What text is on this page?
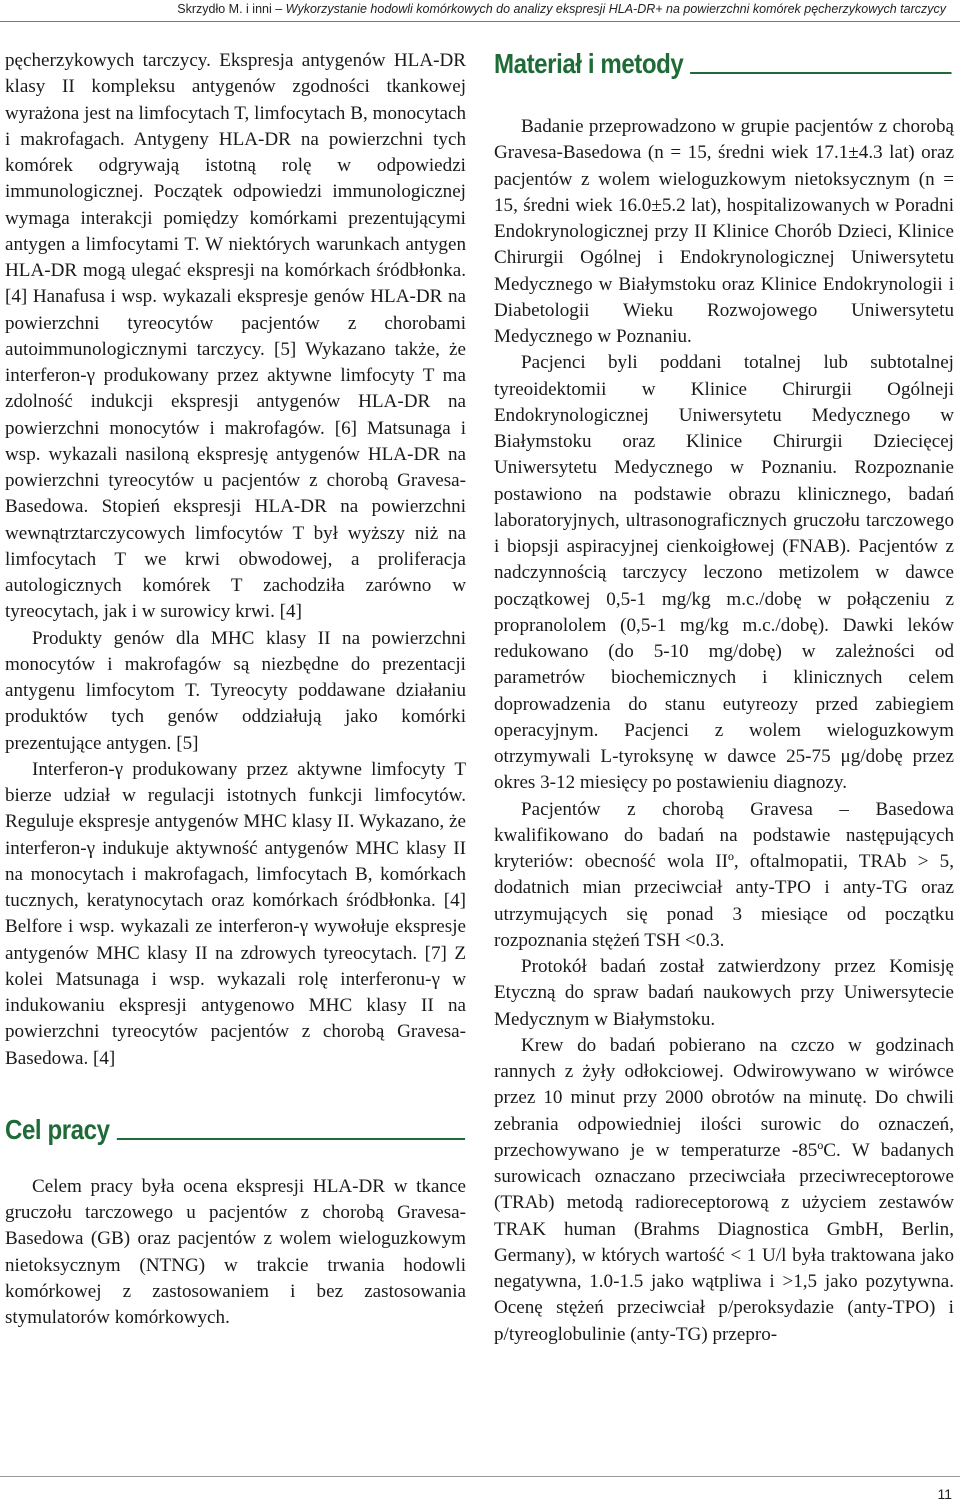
Skrzydło M. i inni – Wykorzystanie hodowli komórkowych do analizy ekspresji HLA-DR+ na powierzchni komórek pęcherzykowych tarczycy

pęcherzykowych tarczycy. Ekspresja antygenów HLA-DR klasy II kompleksu antygenów zgodności tkankowej wyrażona jest na limfocytach T, limfocytach B, monocytach i makrofagach. Antygeny HLA-DR na powierzchni tych komórek odgrywają istotną rolę w odpowiedzi immunologicznej. Początek odpowiedzi immunologicznej wymaga interakcji pomiędzy komórkami prezentującymi antygen a limfocytami T. W niektórych warunkach antygen HLA-DR mogą ulegać ekspresji na komórkach śródbłonka. [4] Hanafusa i wsp. wykazali ekspresje genów HLA-DR na powierzchni tyreocytów pacjentów z chorobami autoimmunologicznymi tarczycy. [5] Wykazano także, że interferon-γ produkowany przez aktywne limfocyty T ma zdolność indukcji ekspresji antygenów HLA-DR na powierzchni monocytów i makrofagów. [6] Matsunaga i wsp. wykazali nasiloną ekspresję antygenów HLA-DR na powierzchni tyreocytów u pacjentów z chorobą Gravesa-Basedowa. Stopień ekspresji HLA-DR na powierzchni wewnątrztarczycowych limfocytów T był wyższy niż na limfocytach T we krwi obwodowej, a proliferacja autologicznych komórek T zachodziła zarówno w tyreocytach, jak i w surowicy krwi. [4]

Produkty genów dla MHC klasy II na powierzchni monocytów i makrofagów są niezbędne do prezentacji antygenu limfocytom T. Tyreocyty poddawane działaniu produktów tych genów oddziałują jako komórki prezentujące antygen. [5]

Interferon-γ produkowany przez aktywne limfocyty T bierze udział w regulacji istotnych funkcji limfocytów. Reguluje ekspresje antygenów MHC klasy II. Wykazano, że interferon-γ indukuje aktywność antygenów MHC klasy II na monocytach i makrofagach, limfocytach B, komórkach tucznych, keratynocytach oraz komórkach śródbłonka. [4] Belfore i wsp. wykazali ze interferon-γ wywołuje ekspresje antygenów MHC klasy II na zdrowych tyreocytach. [7] Z kolei Matsunaga i wsp. wykazali rolę interferonu-γ w indukowaniu ekspresji antygenowo MHC klasy II na powierzchni tyreocytów pacjentów z chorobą Gravesa-Basedowa. [4]

Cel pracy

Celem pracy była ocena ekspresji HLA-DR w tkance gruczołu tarczowego u pacjentów z chorobą Gravesa-Basedowa (GB) oraz pacjentów z wolem wieloguzkowym nietoksycznym (NTNG) w trakcie trwania hodowli komórkowej z zastosowaniem i bez zastosowania stymulatorów komórkowych.

Materiał i metody

Badanie przeprowadzono w grupie pacjentów z chorobą Gravesa-Basedowa (n = 15, średni wiek 17.1±4.3 lat) oraz pacjentów z wolem wieloguzkowym nietoksycznym (n = 15, średni wiek 16.0±5.2 lat), hospitalizowanych w Poradni Endokrynologicznej przy II Klinice Chorób Dzieci, Klinice Chirurgii Ogólnej i Endokrynologicznej Uniwersytetu Medycznego w Białymstoku oraz Klinice Endokrynologii i Diabetologii Wieku Rozwojowego Uniwersytetu Medycznego w Poznaniu.

Pacjenci byli poddani totalnej lub subtotalnej tyreoidektomii w Klinice Chirurgii Ogólneji Endokrynologicznej Uniwersytetu Medycznego w Białymstoku oraz Klinice Chirurgii Dziecięcej Uniwersytetu Medycznego w Poznaniu. Rozpoznanie postawiono na podstawie obrazu klinicznego, badań laboratoryjnych, ultrasonograficznych gruczołu tarczowego i biopsji aspiracyjnej cienkoigłowej (FNAB). Pacjentów z nadczynnością tarczycy leczono metizolem w dawce początkowej 0,5-1 mg/kg m.c./dobę w połączeniu z propranololem (0,5-1 mg/kg m.c./dobę). Dawki leków redukowano (do 5-10 mg/dobę) w zależności od parametrów biochemicznych i klinicznych celem doprowadzenia do stanu eutyreozy przed zabiegiem operacyjnym. Pacjenci z wolem wieloguzkowym otrzymywali L-tyroksynę w dawce 25-75 μg/dobę przez okres 3-12 miesięcy po postawieniu diagnozy.

Pacjentów z chorobą Gravesa – Basedowa kwalifikowano do badań na podstawie następujących kryteriów: obecność wola IIº, oftalmopatii, TRAb > 5, dodatnich mian przeciwciał anty-TPO i anty-TG oraz utrzymujących się ponad 3 miesiące od początku rozpoznania stężeń TSH <0.3.

Protokół badań został zatwierdzony przez Komisję Etyczną do spraw badań naukowych przy Uniwersytecie Medycznym w Białymstoku.

Krew do badań pobierano na czczo w godzinach rannych z żyły odłokciowej. Odwirowywano w wirówce przez 10 minut przy 2000 obrotów na minutę. Do chwili zebrania odpowiedniej ilości surowic do oznaczeń, przechowywano je w temperaturze -85ºC. W badanych surowicach oznaczano przeciwciała przeciwreceptorowe (TRAb) metodą radioreceptorową z użyciem zestawów TRAK human (Brahms Diagnostica GmbH, Berlin, Germany), w których wartość < 1 U/l była traktowana jako negatywna, 1.0-1.5 jako wątpliwa i >1,5 jako pozytywna. Ocenę stężeń przeciwciał p/peroksydazie (anty-TPO) i p/tyreoglobulinie (anty-TG) przepro-

11
